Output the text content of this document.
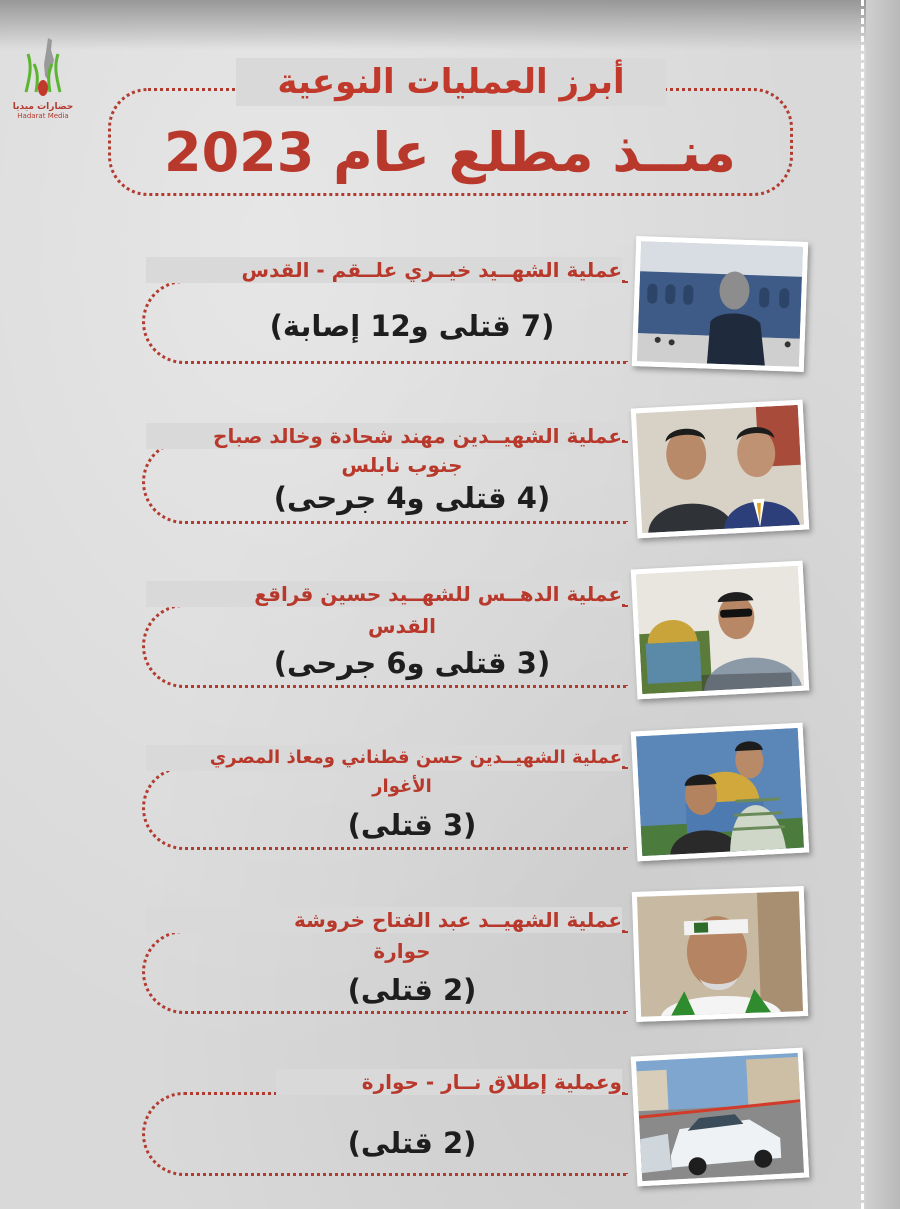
حضارات ميديا
Hadarat Media
أبرز العمليات النوعية
منــذ مطلع عام 2023
عملية الشهــيد خيــري علــقم - القدس
(7 قتلى و12 إصابة)
عملية الشهيــدين مهند شحادة وخالد صباح
جنوب نابلس
(4 قتلى و4 جرحى)
عملية الدهــس للشهــيد حسين قراقع
القدس
(3 قتلى و6 جرحى)
عملية الشهيــدين حسن قطناني ومعاذ المصري
الأغوار
(3 قتلى)
عملية الشهيــد عبد الفتاح خروشة
حوارة
(2 قتلى)
وعملية إطلاق نــار - حوارة
(2 قتلى)
